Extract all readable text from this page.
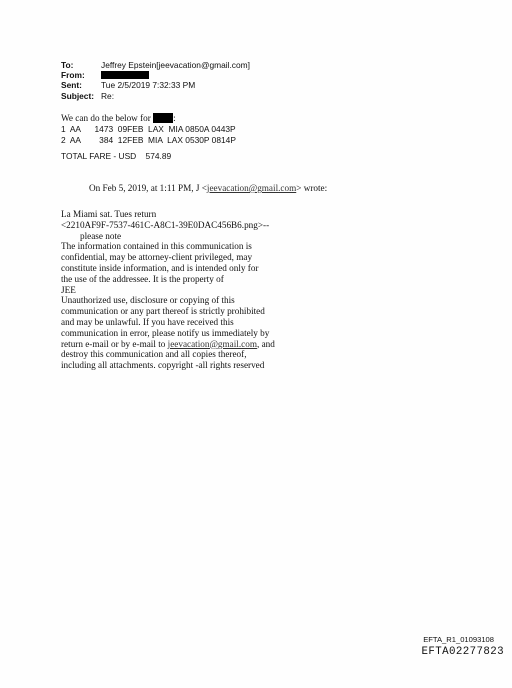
To:	Jeffrey Epstein[jeevacation@gmail.com]
From:
Sent:	Tue 2/5/2019 7:32:33 PM
Subject: Re:
We can do the below for :
1  AA      1473  09FEB  LAX  MIA 0850A 0443P
2  AA        384  12FEB  MIA  LAX 0530P 0814P
TOTAL FARE - USD    574.89
On Feb 5, 2019, at 1:11 PM, J <jeevacation@gmail.com> wrote:
La Miami sat. Tues return
<2210AF9F-7537-461C-A8C1-39E0DAC456B6.png>--
please note
The information contained in this communication is
confidential, may be attorney-client privileged, may
constitute inside information, and is intended only for
the use of the addressee. It is the property of
JEE
Unauthorized use, disclosure or copying of this
communication or any part thereof is strictly prohibited
and may be unlawful. If you have received this
communication in error, please notify us immediately by
return e-mail or by e-mail to jeevacation@gmail.com, and
destroy this communication and all copies thereof,
including all attachments. copyright -all rights reserved
EFTA_R1_01093108
EFTA02277823
